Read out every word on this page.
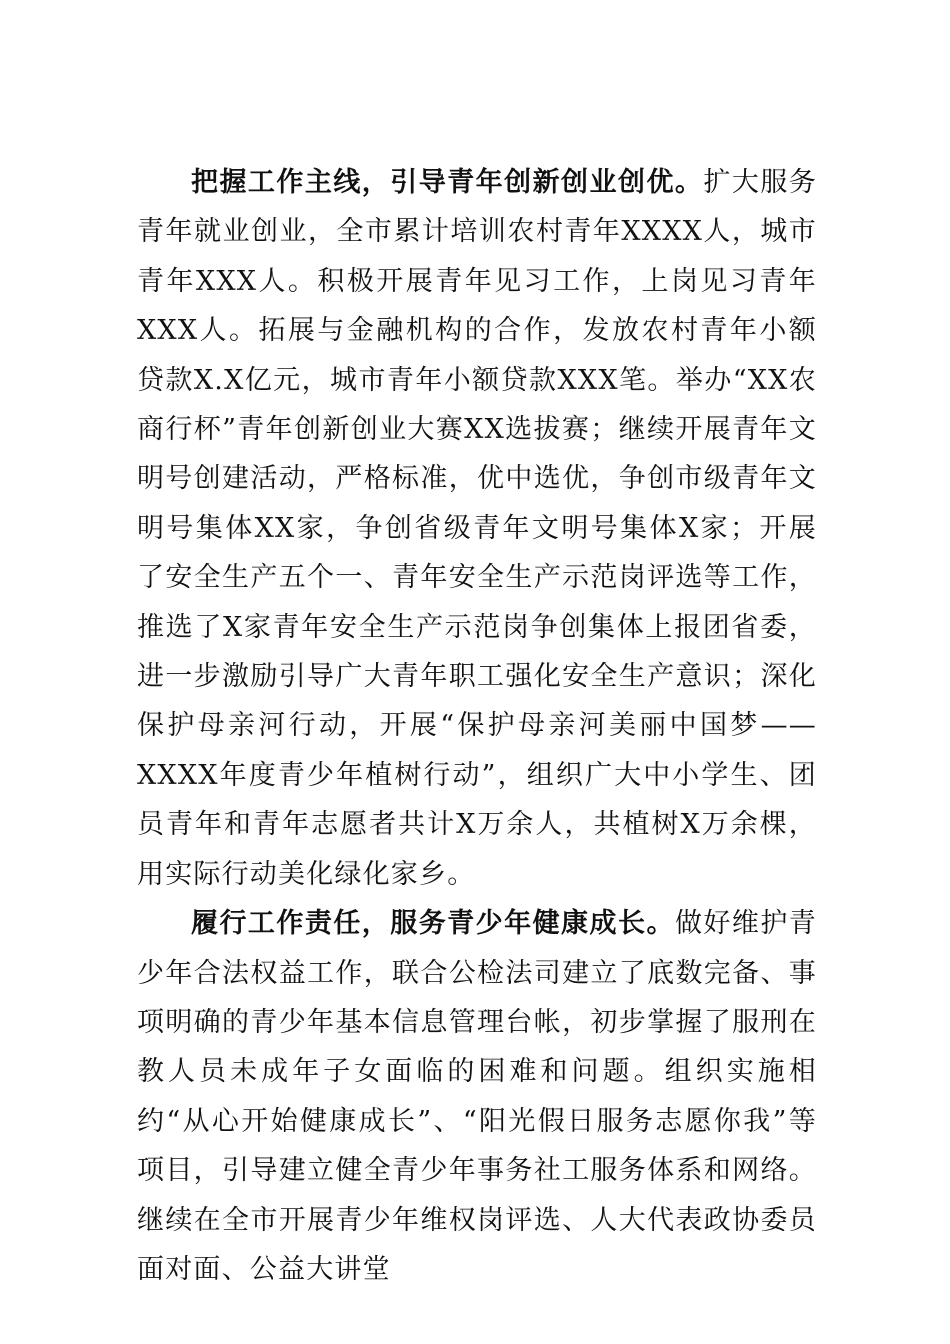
把握工作主线，引导青年创新创业创优。扩大服务青年就业创业，全市累计培训农村青年XXXX人，城市青年XXX人。积极开展青年见习工作，上岗见习青年XXX人。拓展与金融机构的合作，发放农村青年小额贷款X.X亿元，城市青年小额贷款XXX笔。举办“XX农商行杯”青年创新创业大赛XX选拔赛；继续开展青年文明号创建活动，严格标准，优中选优，争创市级青年文明号集体XX家，争创省级青年文明号集体X家；开展了安全生产五个一、青年安全生产示范岗评选等工作，推选了X家青年安全生产示范岗争创集体上报团省委，进一步激励引导广大青年职工强化安全生产意识；深化保护母亲河行动，开展“保护母亲河美丽中国梦——XXXX年度青少年植树行动”，组织广大中小学生、团员青年和青年志愿者共计X万余人，共植树X万余棵，用实际行动美化绿化家乡。

履行工作责任，服务青少年健康成长。做好维护青少年合法权益工作，联合公检法司建立了底数完备、事项明确的青少年基本信息管理台帐，初步掌握了服刑在教人员未成年子女面临的困难和问题。组织实施相约“从心开始健康成长”、“阳光假日服务志愿你我”等项目，引导建立健全青少年事务社工服务体系和网络。继续在全市开展青少年维权岗评选、人大代表政协委员面对面、公益大讲堂
